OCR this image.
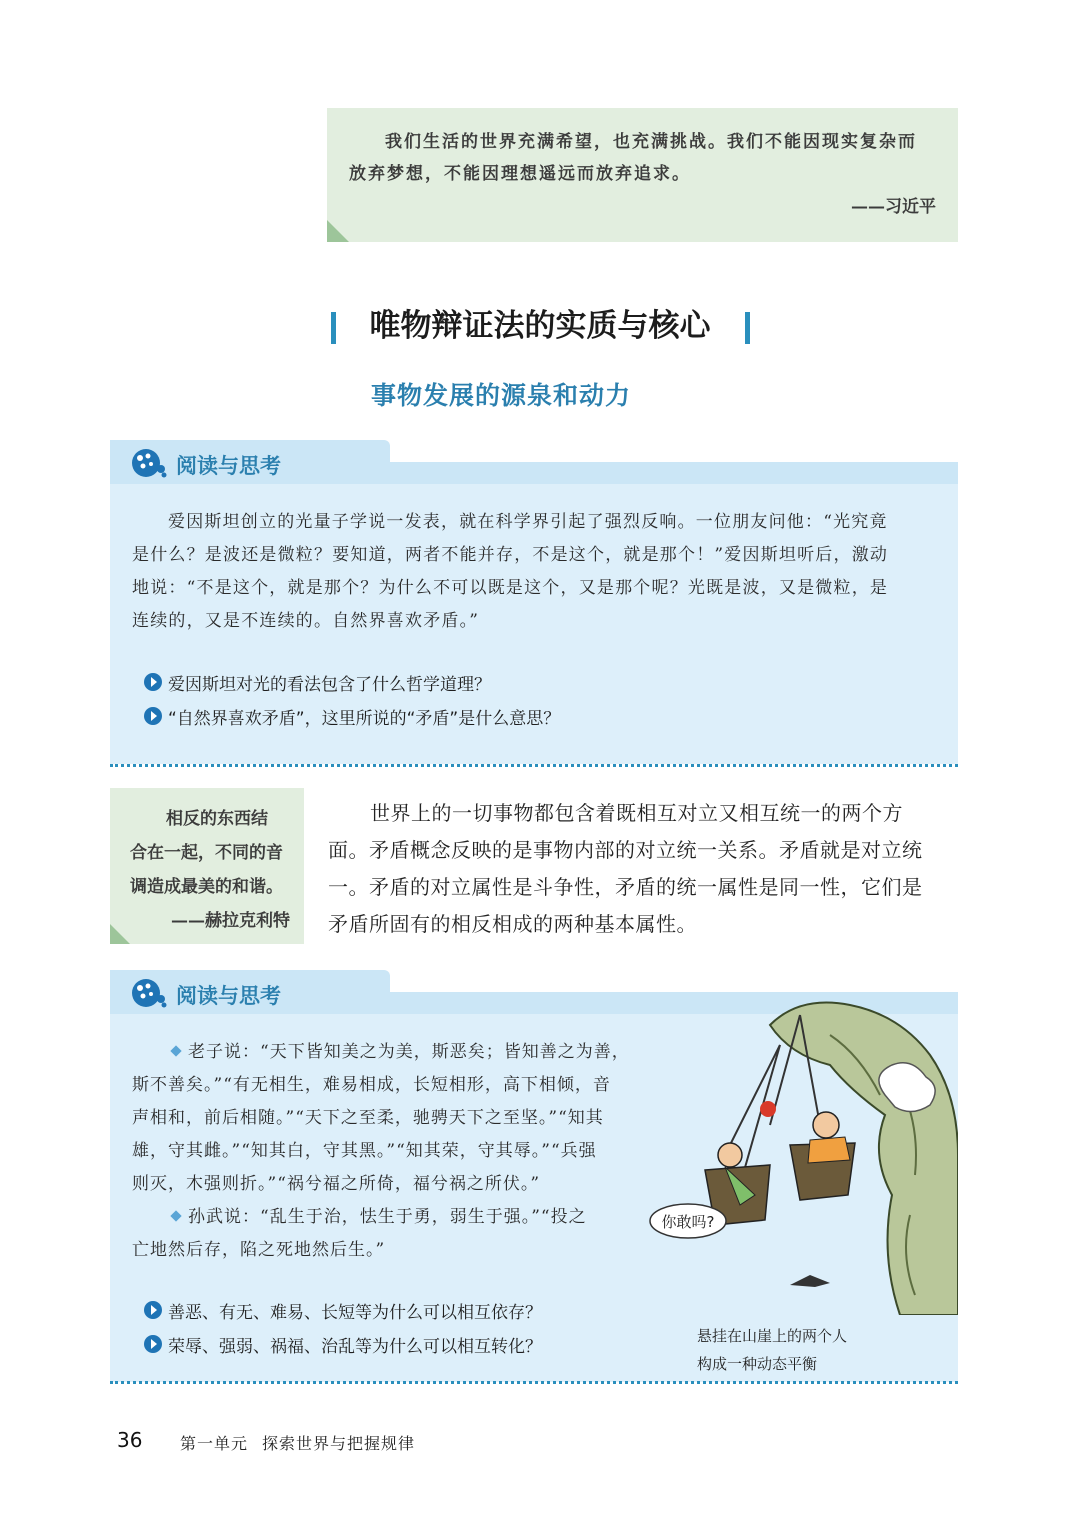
我们生活的世界充满希望，也充满挑战。我们不能因现实复杂而

放弃梦想，不能因理想遥远而放弃追求。

——习近平
唯物辩证法的实质与核心
事物发展的源泉和动力
阅读与思考
爱因斯坦创立的光量子学说一发表，就在科学界引起了强烈反响。一位朋友问他：“光究竟
是什么？是波还是微粒？要知道，两者不能并存，不是这个，就是那个！”爱因斯坦听后，激动
地说：“不是这个，就是那个？为什么不可以既是这个，又是那个呢？光既是波，又是微粒，是
连续的，又是不连续的。自然界喜欢矛盾。”
爱因斯坦对光的看法包含了什么哲学道理？
“自然界喜欢矛盾”，这里所说的“矛盾”是什么意思？
相反的东西结
合在一起，不同的音
调造成最美的和谐。
——赫拉克利特
世界上的一切事物都包含着既相互对立又相互统一的两个方
面。矛盾概念反映的是事物内部的对立统一关系。矛盾就是对立统
一。矛盾的对立属性是斗争性，矛盾的统一属性是同一性，它们是
矛盾所固有的相反相成的两种基本属性。
阅读与思考
老子说：“天下皆知美之为美，斯恶矣；皆知善之为善，
斯不善矣。”“有无相生，难易相成，长短相形，高下相倾，音
声相和，前后相随。”“天下之至柔，驰骋天下之至坚。”“知其
雄，守其雌。”“知其白，守其黑。”“知其荣，守其辱。”“兵强
则灭，木强则折。”“祸兮福之所倚，福兮祸之所伏。”
孙武说：“乱生于治，怯生于勇，弱生于强。”“投之
亡地然后存，陷之死地然后生。”
善恶、有无、难易、长短等为什么可以相互依存？
荣辱、强弱、祸福、治乱等为什么可以相互转化？
你敢吗?
悬挂在山崖上的两个人
构成一种动态平衡
36 第一单元 探索世界与把握规律
